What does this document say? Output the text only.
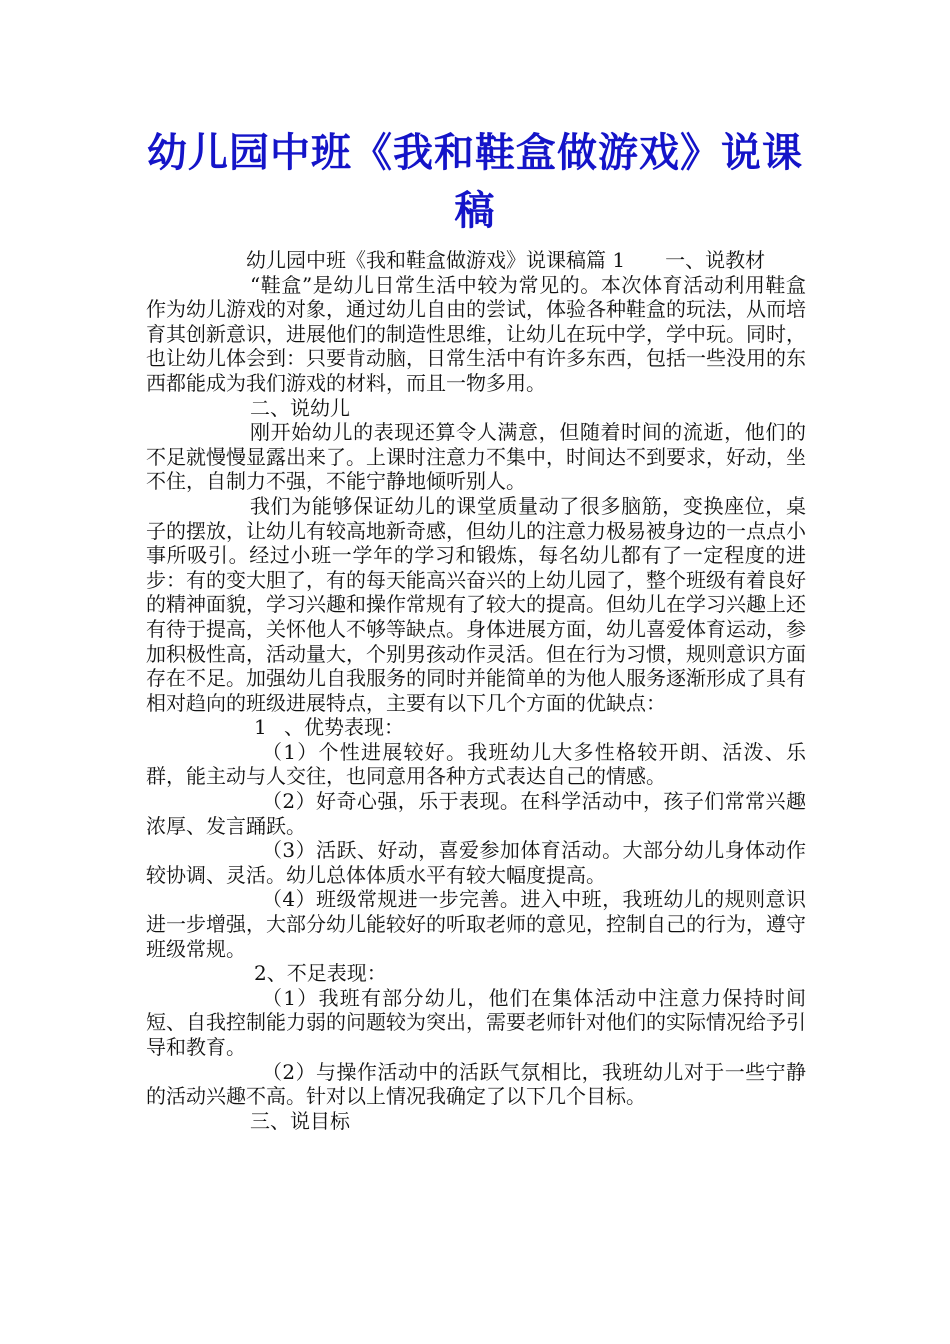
幼儿园中班《我和鞋盒做游戏》说课稿

幼儿园中班《我和鞋盒做游戏》说课稿篇 1　　一、说教材

“鞋盒”是幼儿日常生活中较为常见的。本次体育活动利用鞋盒作为幼儿游戏的对象，通过幼儿自由的尝试，体验各种鞋盒的玩法，从而培育其创新意识，进展他们的制造性思维，让幼儿在玩中学，学中玩。同时，也让幼儿体会到：只要肯动脑，日常生活中有许多东西，包括一些没用的东西都能成为我们游戏的材料，而且一物多用。

二、说幼儿

刚开始幼儿的表现还算令人满意，但随着时间的流逝，他们的不足就慢慢显露出来了。上课时注意力不集中，时间达不到要求，好动，坐不住，自制力不强，不能宁静地倾听别人。

我们为能够保证幼儿的课堂质量动了很多脑筋，变换座位，桌子的摆放，让幼儿有较高地新奇感，但幼儿的注意力极易被身边的一点点小事所吸引。经过小班一学年的学习和锻炼，每名幼儿都有了一定程度的进步：有的变大胆了，有的每天能高兴奋兴的上幼儿园了，整个班级有着良好的精神面貌，学习兴趣和操作常规有了较大的提高。但幼儿在学习兴趣上还有待于提高，关怀他人不够等缺点。身体进展方面，幼儿喜爱体育运动，参加积极性高，活动量大，个别男孩动作灵活。但在行为习惯，规则意识方面存在不足。加强幼儿自我服务的同时并能简单的为他人服务逐渐形成了具有相对趋向的班级进展特点，主要有以下几个方面的优缺点：

1 、优势表现：

（1）个性进展较好。我班幼儿大多性格较开朗、活泼、乐群，能主动与人交往，也同意用各种方式表达自己的情感。

（2）好奇心强，乐于表现。在科学活动中，孩子们常常兴趣浓厚、发言踊跃。

（3）活跃、好动，喜爱参加体育活动。大部分幼儿身体动作较协调、灵活。幼儿总体体质水平有较大幅度提高。

（4）班级常规进一步完善。进入中班，我班幼儿的规则意识进一步增强，大部分幼儿能较好的听取老师的意见，控制自己的行为，遵守班级常规。

2、不足表现：

（1）我班有部分幼儿，他们在集体活动中注意力保持时间短、自我控制能力弱的问题较为突出，需要老师针对他们的实际情况给予引导和教育。

（2）与操作活动中的活跃气氛相比，我班幼儿对于一些宁静的活动兴趣不高。针对以上情况我确定了以下几个目标。

三、说目标
